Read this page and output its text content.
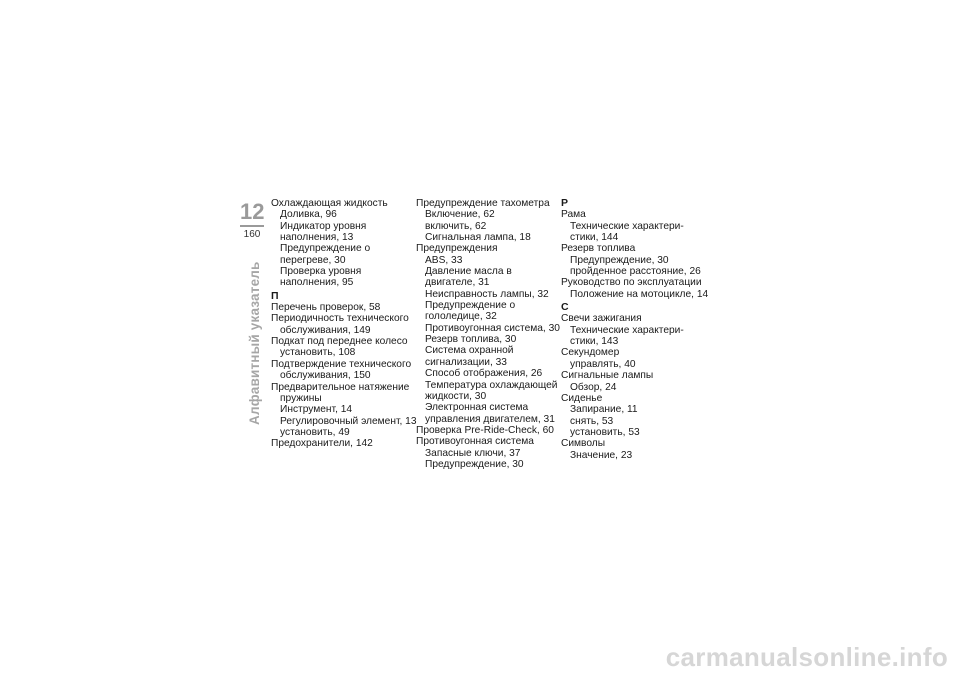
12
160
Алфавитный указатель
Охлаждающая жидкость
Доливка, 96
Индикатор уровня
наполнения, 13
Предупреждение о
перегреве, 30
Проверка уровня
наполнения, 95
П
Перечень проверок, 58
Периодичность технического
обслуживания, 149
Подкат под переднее колесо
установить, 108
Подтверждение технического
обслуживания, 150
Предварительное натяжение
пружины
Инструмент, 14
Регулировочный элемент, 13
установить, 49
Предохранители, 142
Предупреждение тахометра
Включение, 62
включить, 62
Сигнальная лампа, 18
Предупреждения
ABS, 33
Давление масла в
двигателе, 31
Неисправность лампы, 32
Предупреждение о
гололедице, 32
Противоугонная система, 30
Резерв топлива, 30
Система охранной
сигнализации, 33
Способ отображения, 26
Температура охлаждающей
жидкости, 30
Электронная система
управления двигателем, 31
Проверка Pre-Ride-Check, 60
Противоугонная система
Запасные ключи, 37
Предупреждение, 30
Р
Рама
Технические характери-
стики, 144
Резерв топлива
Предупреждение, 30
пройденное расстояние, 26
Руководство по эксплуатации
Положение на мотоцикле, 14
С
Свечи зажигания
Технические характери-
стики, 143
Секундомер
управлять, 40
Сигнальные лампы
Обзор, 24
Сиденье
Запирание, 11
снять, 53
установить, 53
Символы
Значение, 23
carmanualsonline.info
